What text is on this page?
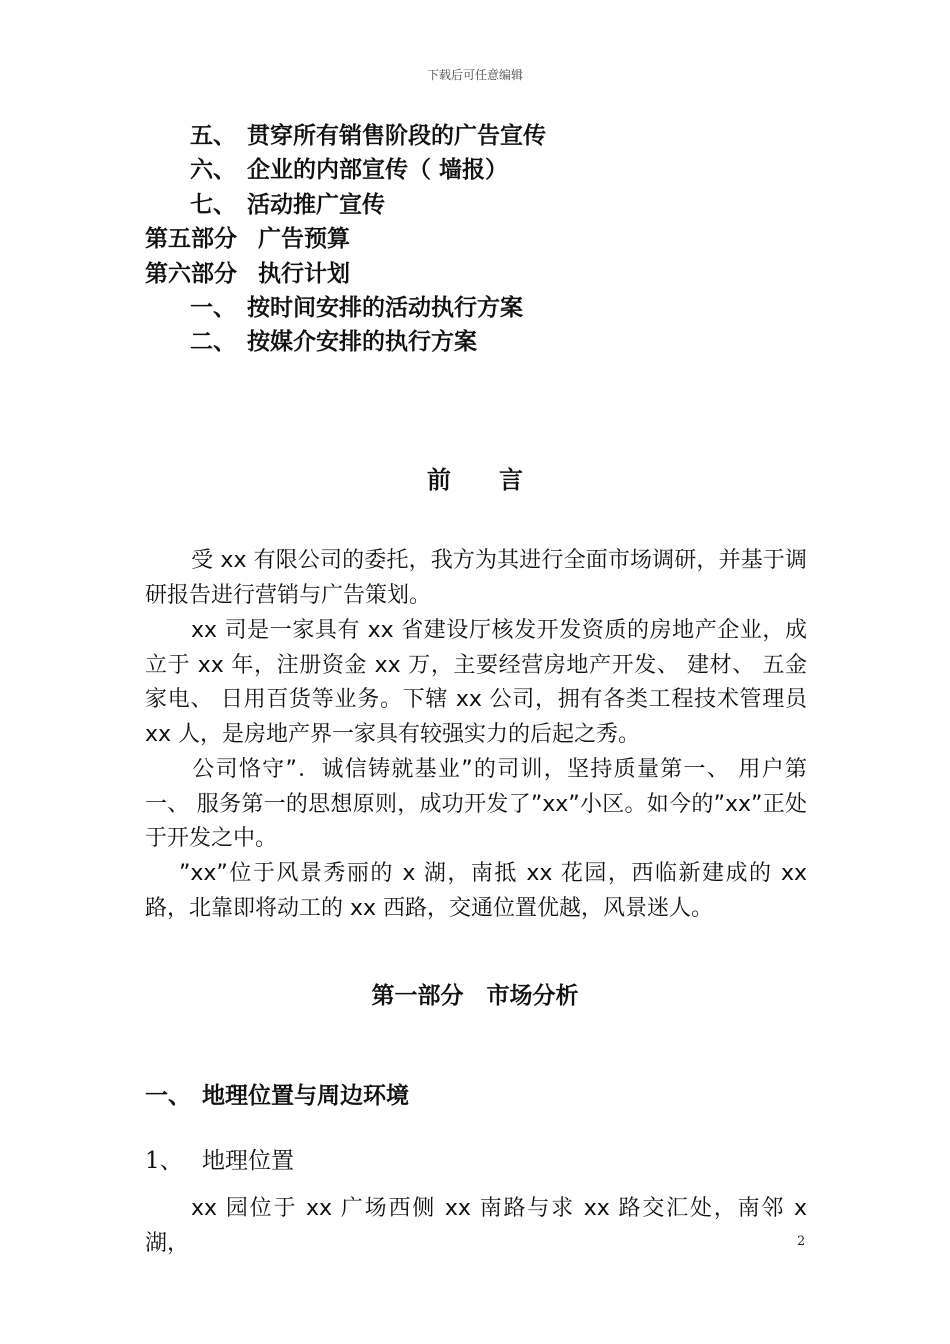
下载后可任意编辑
五、 贯穿所有销售阶段的广告宣传
六、 企业的内部宣传（ 墙报）
七、 活动推广宣传
第五部分 广告预算
第六部分 执行计划
一、 按时间安排的活动执行方案
二、 按媒介安排的执行方案
前言

受 xx 有限公司的委托，我方为其进行全面市场调研，并基于调研报告进行营销与广告策划。

xx 司是一家具有 xx 省建设厅核发开发资质的房地产企业，成立于 xx 年，注册资金 xx 万，主要经营房地产开发、 建材、 五金家电、 日用百货等业务。下辖 xx 公司，拥有各类工程技术管理员 xx 人，是房地产界一家具有较强实力的后起之秀。

公司恪守”．诚信铸就基业”的司训，坚持质量第一、 用户第一、 服务第一的思想原则，成功开发了”xx”小区。如今的”xx”正处于开发之中。

”xx”位于风景秀丽的 x 湖，南抵 xx 花园，西临新建成的 xx 路，北靠即将动工的 xx 西路，交通位置优越，风景迷人。

第一部分　市场分析
一、 地理位置与周边环境
1、 地理位置

xx 园位于 xx 广场西侧 xx 南路与求 xx 路交汇处，南邻 x 湖，	2
